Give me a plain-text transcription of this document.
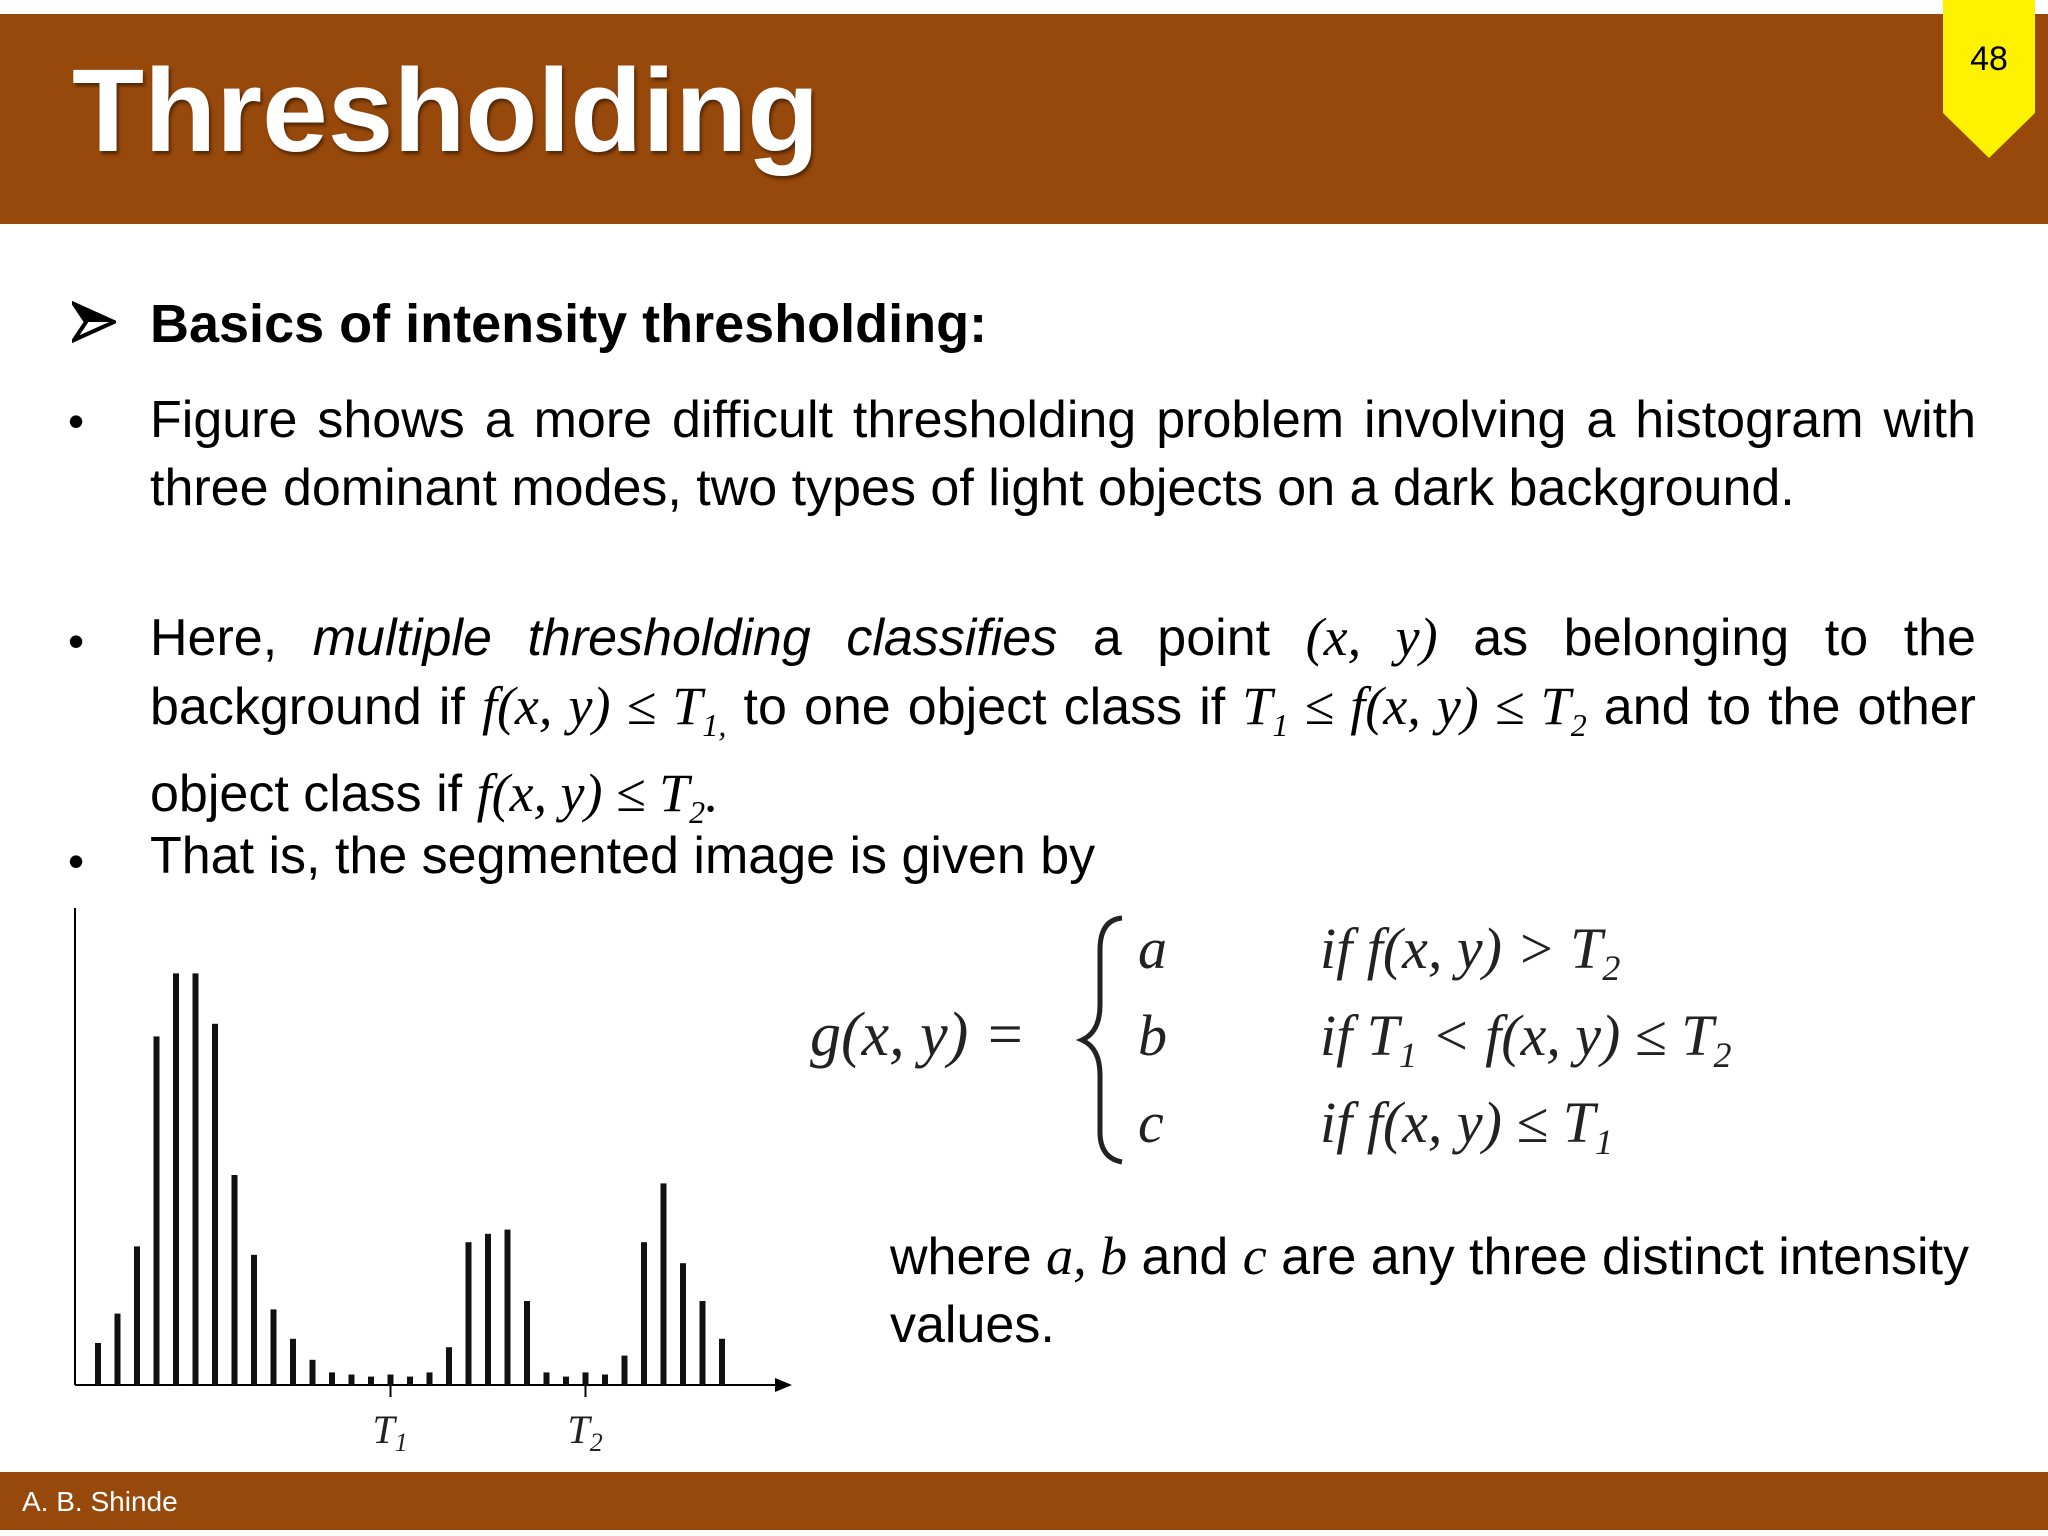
Thresholding	48
Basics of intensity thresholding:
• Figure shows a more difficult thresholding problem involving a histogram with three dominant modes, two types of light objects on a dark background.
• Here, multiple thresholding classifies a point (x, y) as belonging to the background if f(x, $y) \le T_{1,}$ to one object class if $T_1 \le f(x$, $y) \le T_2$ and to the other object class if f(x, $y) \le T_2$.
• That is, the segmented image is given by
$T_1$	$T_2$
g(x, y) =
a
b
c
if f(x, $y) > T_2$
if $T_1 < f(x$, $y) \le T_2$
if f(x, $y) \le T_1$
where a, b and c are any three distinct intensity values.
A. B. Shinde
